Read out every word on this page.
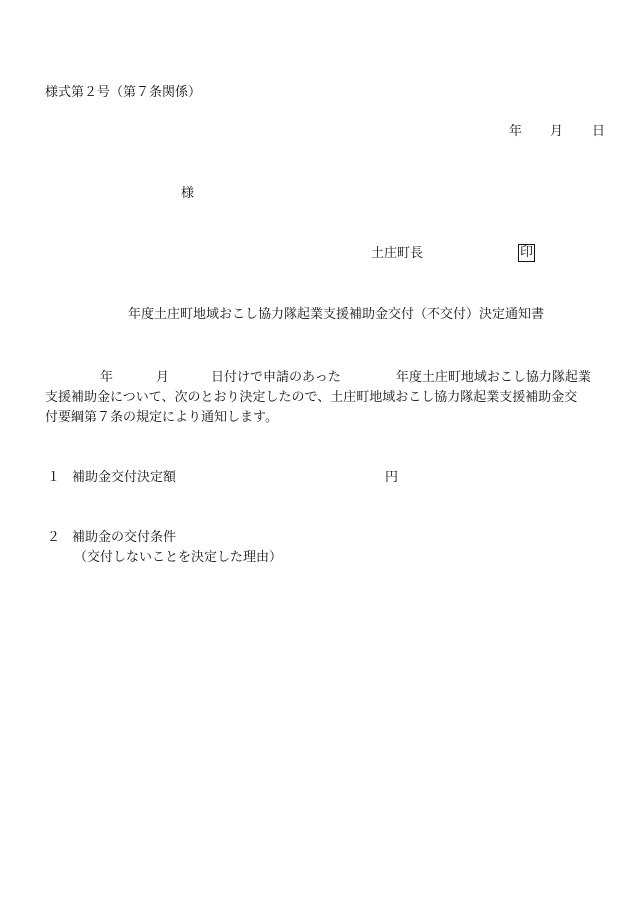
様式第２号（第７条関係）
年 月 日
様
土庄町長	印
年度土庄町地域おこし協力隊起業支援補助金交付（不交付）決定通知書
年	月	日付けで申請のあった	年度土庄町地域おこし協力隊起業
支援補助金について、次のとおり決定したので、土庄町地域おこし協力隊起業支援補助金交
付要綱第７条の規定により通知します。
１ 補助金交付決定額	円
２ 補助金の交付条件
（交付しないことを決定した理由）
